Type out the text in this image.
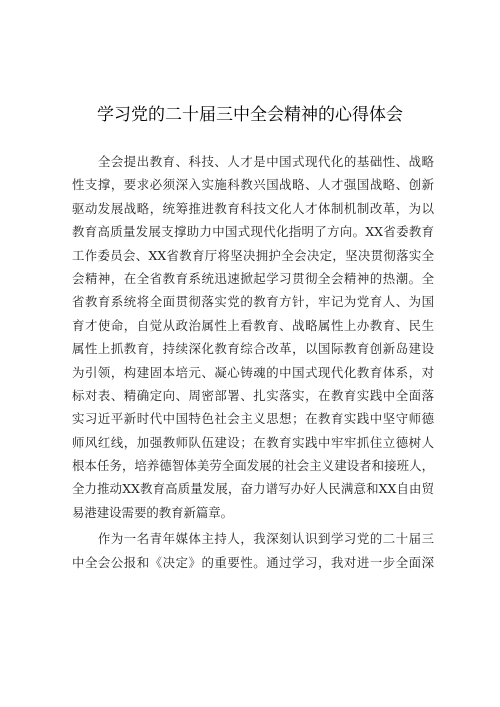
学习党的二十届三中全会精神的心得体会
　　全会提出教育、科技、人才是中国式现代化的基础性、战略
性支撑，要求必须深入实施科教兴国战略、人才强国战略、创新
驱动发展战略，统筹推进教育科技文化人才体制机制改革，为以
教育高质量发展支撑助力中国式现代化指明了方向。XX省委教育
工作委员会、XX省教育厅将坚决拥护全会决定，坚决贯彻落实全
会精神，在全省教育系统迅速掀起学习贯彻全会精神的热潮。全
省教育系统将全面贯彻落实党的教育方针，牢记为党育人、为国
育才使命，自觉从政治属性上看教育、战略属性上办教育、民生
属性上抓教育，持续深化教育综合改革，以国际教育创新岛建设
为引领，构建固本培元、凝心铸魂的中国式现代化教育体系，对
标对表、精确定向、周密部署、扎实落实，在教育实践中全面落
实习近平新时代中国特色社会主义思想；在教育实践中坚守师德
师风红线，加强教师队伍建设；在教育实践中牢牢抓住立德树人
根本任务，培养德智体美劳全面发展的社会主义建设者和接班人，
全力推动XX教育高质量发展，奋力谱写办好人民满意和XX自由贸
易港建设需要的教育新篇章。
　　作为一名青年媒体主持人，我深刻认识到学习党的二十届三
中全会公报和《决定》的重要性。通过学习，我对进一步全面深
